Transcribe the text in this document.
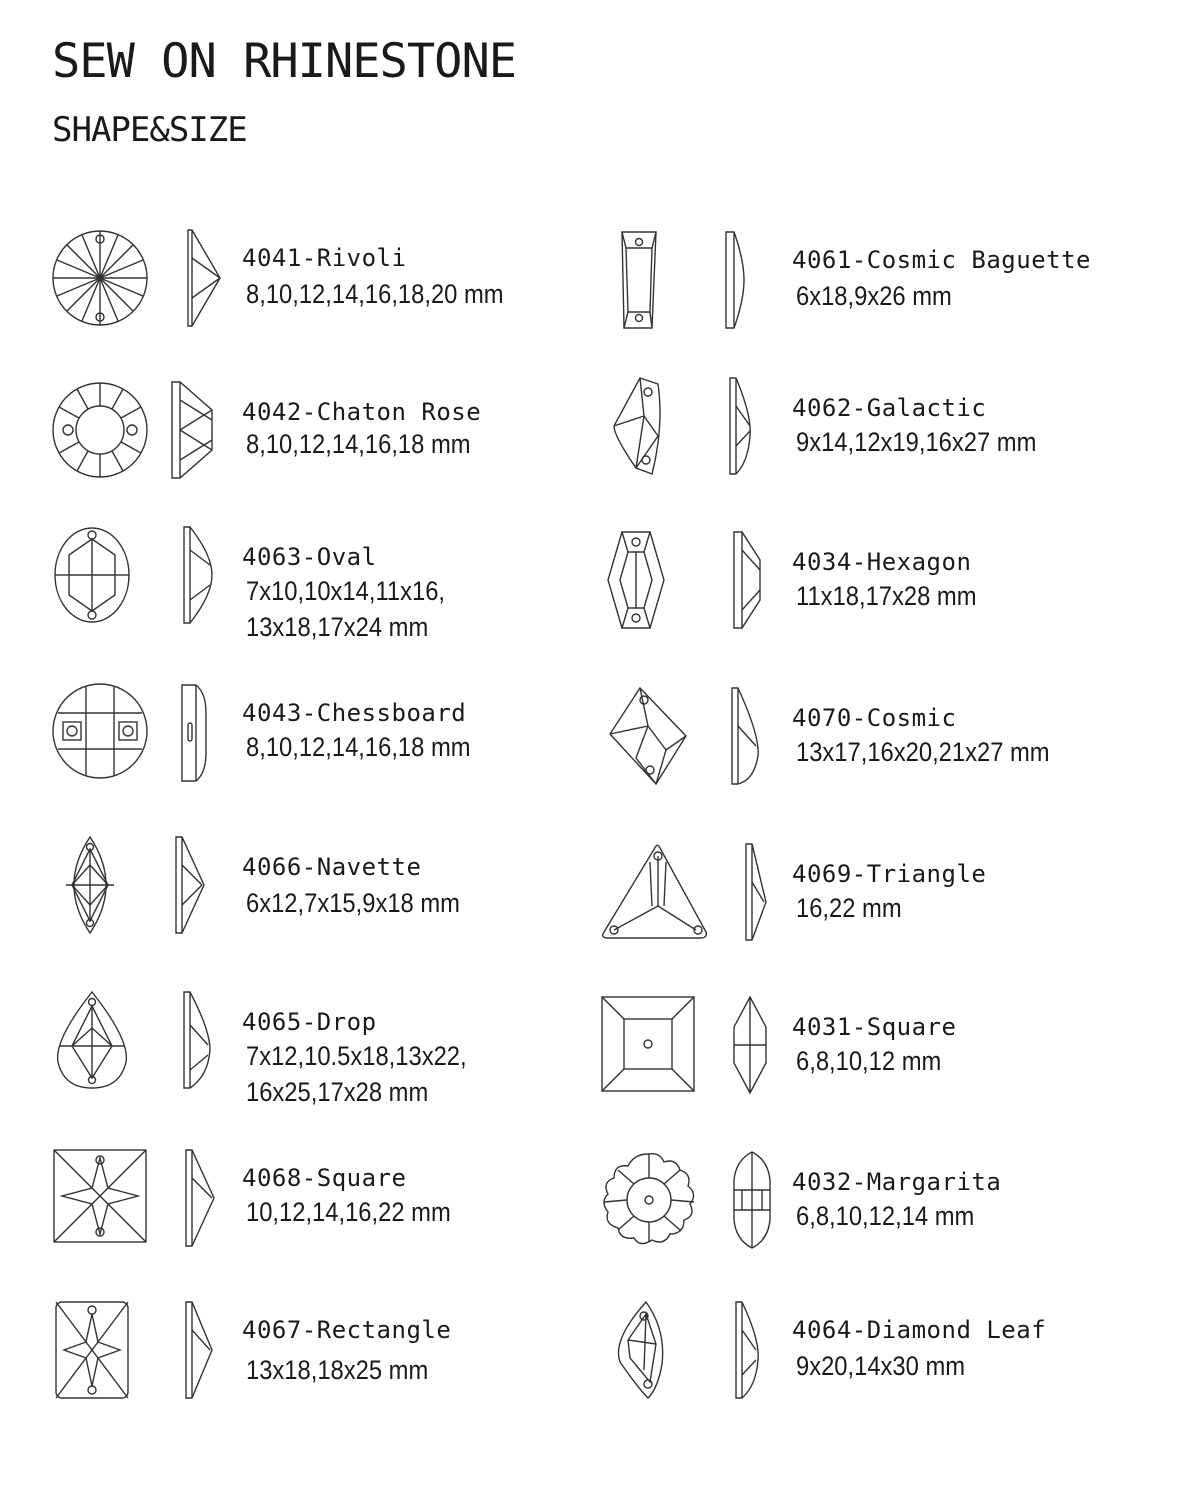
SEW ON RHINESTONE
SHAPE&SIZE
4041-Rivoli
8,10,12,14,16,18,20 mm
4042-Chaton Rose
8,10,12,14,16,18 mm
4063-Oval
7x10,10x14,11x16,
13x18,17x24 mm
4043-Chessboard
8,10,12,14,16,18 mm
4066-Navette
6x12,7x15,9x18 mm
4065-Drop
7x12,10.5x18,13x22,
16x25,17x28 mm
4068-Square
10,12,14,16,22 mm
4067-Rectangle
13x18,18x25 mm
4061-Cosmic Baguette
6x18,9x26 mm
4062-Galactic
9x14,12x19,16x27 mm
4034-Hexagon
11x18,17x28 mm
4070-Cosmic
13x17,16x20,21x27 mm
4069-Triangle
16,22 mm
4031-Square
6,8,10,12 mm
4032-Margarita
6,8,10,12,14 mm
4064-Diamond Leaf
9x20,14x30 mm
